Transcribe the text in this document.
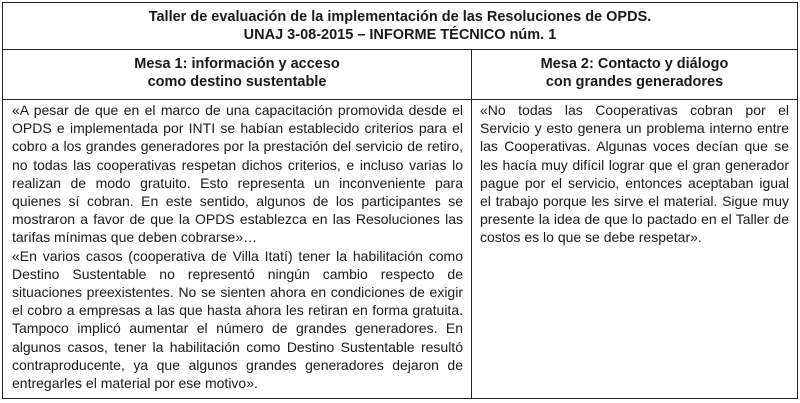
Taller de evaluación de la implementación de las Resoluciones de OPDS.
UNAJ 3-08-2015 – INFORME TÉCNICO núm. 1
Mesa 1: información y acceso
como destino sustentable
Mesa 2: Contacto y diálogo
con grandes generadores

«A pesar de que en el marco de una capacitación promovida desde el OPDS e implementada por INTI se habían establecido criterios para el cobro a los grandes generadores por la prestación del servicio de retiro, no todas las cooperativas respetan dichos criterios, e incluso varias lo realizan de modo gratuito. Esto representa un inconveniente para quienes sí cobran. En este sentido, algunos de los participantes se mostraron a favor de que la OPDS establezca en las Resoluciones las tarifas mínimas que deben cobrarse»…

«En varios casos (cooperativa de Villa Itatí) tener la habilitación como Destino Sustentable no representó ningún cambio respecto de situaciones preexistentes. No se sienten ahora en condiciones de exigir el cobro a empresas a las que hasta ahora les retiran en forma gratuita. Tampoco implicó aumentar el número de grandes generadores. En algunos casos, tener la habilitación como Destino Sustentable resultó contraproducente, ya que algunos grandes generadores dejaron de entregarles el material por ese motivo».

«No todas las Cooperativas cobran por el Servicio y esto genera un problema interno entre las Cooperativas. Algunas voces decían que se les hacía muy difícil lograr que el gran generador pague por el servicio, entonces aceptaban igual el trabajo porque les sirve el material. Sigue muy presente la idea de que lo pactado en el Taller de costos es lo que se debe respetar».
